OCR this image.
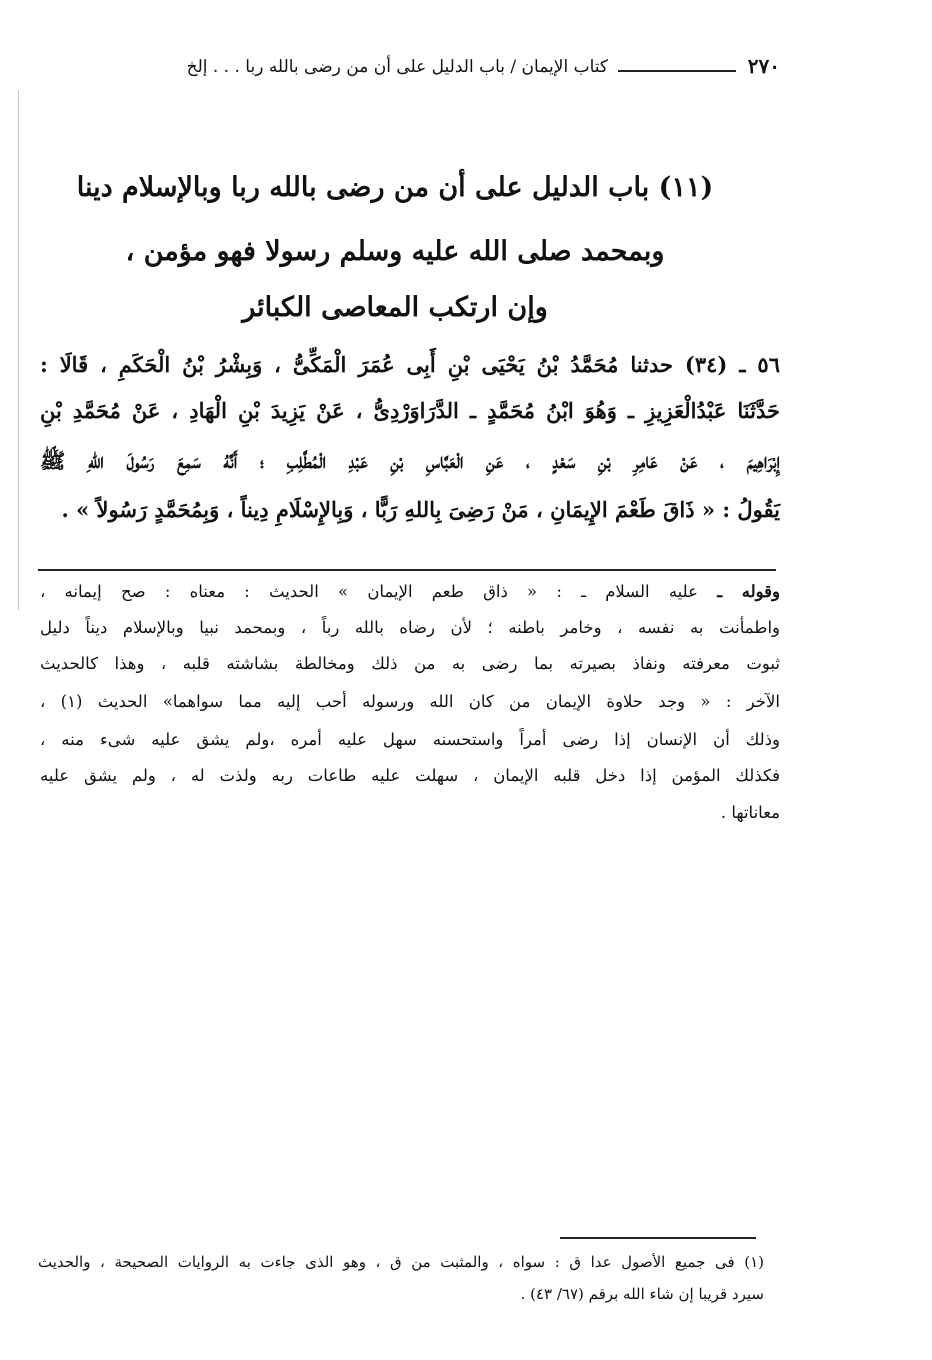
٢٧٠
كتاب الإيمان / باب الدليل على أن من رضى بالله ربا . . . إلخ
(١١) باب الدليل على أن من رضى بالله ربا وبالإسلام دينا
وبمحمد صلى الله عليه وسلم رسولا فهو مؤمن ،
وإن ارتكب المعاصى الكبائر
٥٦ ـ (٣٤) حدثنا مُحَمَّدُ بْنُ يَحْيَى بْنِ أَبِى عُمَرَ الْمَكِّىُّ ، وَبِشْرُ بْنُ الْحَكَمِ ، قَالَا :
حَدَّثَنَا عَبْدُالْعَزِيزِ ـ وَهُوَ ابْنُ مُحَمَّدٍ ـ الدَّرَاوَرْدِىُّ ، عَنْ يَزِيدَ بْنِ الْهَادِ ، عَنْ مُحَمَّدِ بْنِ
إِبْرَاهِيمَ ، عَنْ عَامِرِ بْنِ سَعْدٍ ، عَنِ الْعَبَّاسِ بْنِ عَبْدِ الْمُطَّلِبِ ؛ أَنَّهُ سَمِعَ رَسُولَ اللهِ ﷺ
يَقُولُ : « ذَاقَ طَعْمَ الإِيمَانِ ، مَنْ رَضِىَ بِاللهِ رَبًّا ، وَبِالإِسْلَامِ دِيناً ، وَبِمُحَمَّدٍ رَسُولاً » .
وقوله ـ عليه السلام ـ : « ذاق طعم الإيمان » الحديث : معناه : صح إيمانه ،
واطمأنت به نفسه ، وخامر باطنه ؛ لأن رضاه بالله رباً ، وبمحمد نبيا وبالإسلام ديناً دليل
ثبوت معرفته ونفاذ بصيرته بما رضى به من ذلك ومخالطة بشاشته قلبه ، وهذا كالحديث
الآخر : « وجد حلاوة الإيمان من كان الله ورسوله أحب إليه مما سواهما» الحديث (١) ،
وذلك أن الإنسان إذا رضى أمراً واستحسنه سهل عليه أمره ،ولم يشق عليه شىء منه ،
فكذلك المؤمن إذا دخل قلبه الإيمان ، سهلت عليه طاعات ربه ولذت له ، ولم يشق عليه
معاناتها .
(١) فى جميع الأصول عدا ق : سواه ، والمثبت من ق ، وهو الذى جاءت به الروايات الصحيحة ، والحديث
سيرد قريبا إن شاء الله برقم (٦٧/ ٤٣) .
